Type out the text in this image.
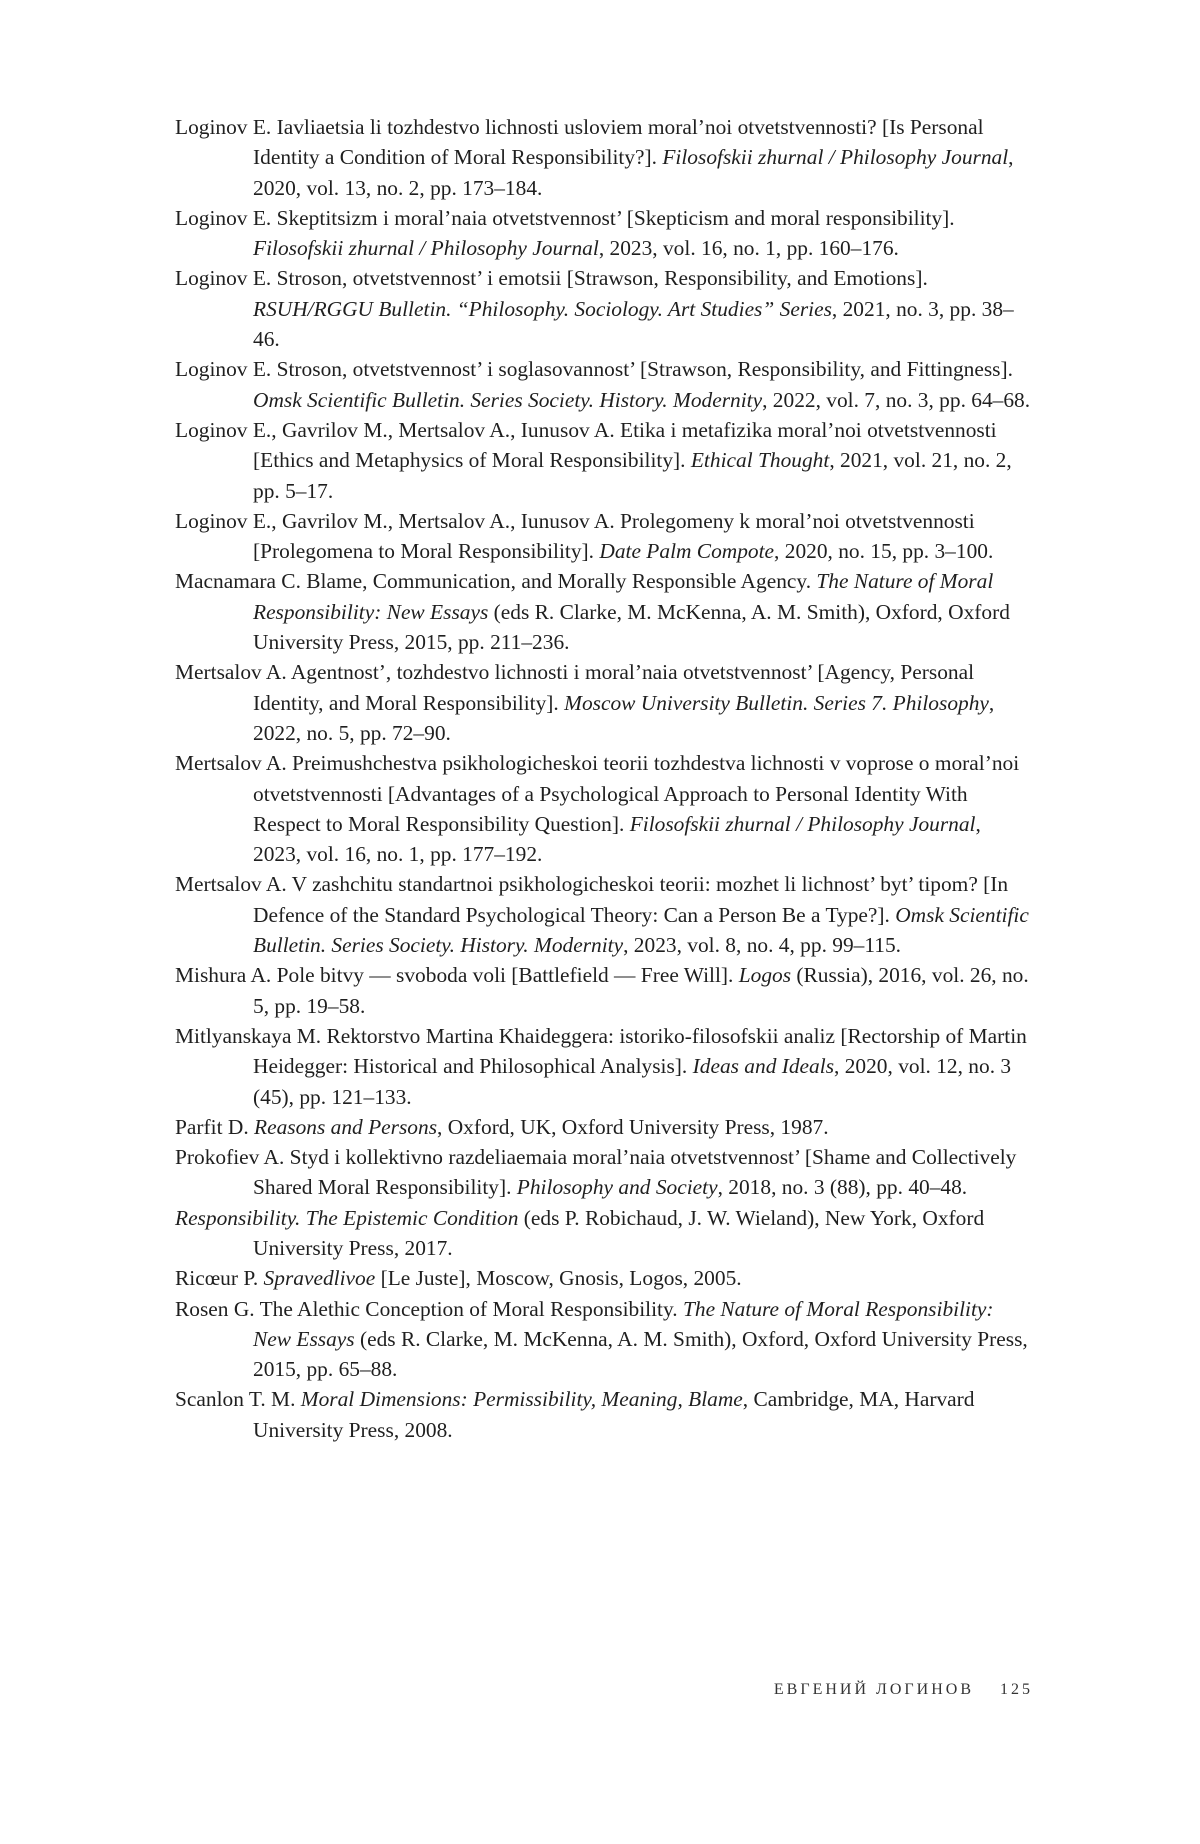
Loginov E. Iavliaetsia li tozhdestvo lichnosti usloviem moral’noi otvetstvennosti? [Is Personal Identity a Condition of Moral Responsibility?]. Filosofskii zhurnal / Philosophy Journal, 2020, vol. 13, no. 2, pp. 173–184.
Loginov E. Skeptitsizm i moral’naia otvetstvennost’ [Skepticism and moral responsibility]. Filosofskii zhurnal / Philosophy Journal, 2023, vol. 16, no. 1, pp. 160–176.
Loginov E. Stroson, otvetstvennost’ i emotsii [Strawson, Responsibility, and Emotions]. RSUH/RGGU Bulletin. “Philosophy. Sociology. Art Studies” Series, 2021, no. 3, pp. 38–46.
Loginov E. Stroson, otvetstvennost’ i soglasovannost’ [Strawson, Responsibility, and Fittingness]. Omsk Scientific Bulletin. Series Society. History. Modernity, 2022, vol. 7, no. 3, pp. 64–68.
Loginov E., Gavrilov M., Mertsalov A., Iunusov A. Etika i metafizika moral’noi otvetstvennosti [Ethics and Metaphysics of Moral Responsibility]. Ethical Thought, 2021, vol. 21, no. 2, pp. 5–17.
Loginov E., Gavrilov M., Mertsalov A., Iunusov A. Prolegomeny k moral’noi otvetstvennosti [Prolegomena to Moral Responsibility]. Date Palm Compote, 2020, no. 15, pp. 3–100.
Macnamara C. Blame, Communication, and Morally Responsible Agency. The Nature of Moral Responsibility: New Essays (eds R. Clarke, M. McKenna, A. M. Smith), Oxford, Oxford University Press, 2015, pp. 211–236.
Mertsalov A. Agentnost’, tozhdestvo lichnosti i moral’naia otvetstvennost’ [Agency, Personal Identity, and Moral Responsibility]. Moscow University Bulletin. Series 7. Philosophy, 2022, no. 5, pp. 72–90.
Mertsalov A. Preimushchestva psikhologicheskoi teorii tozhdestva lichnosti v voprose o moral’noi otvetstvennosti [Advantages of a Psychological Approach to Personal Identity With Respect to Moral Responsibility Question]. Filosofskii zhurnal / Philosophy Journal, 2023, vol. 16, no. 1, pp. 177–192.
Mertsalov A. V zashchitu standartnoi psikhologicheskoi teorii: mozhet li lichnost’ byt’ tipom? [In Defence of the Standard Psychological Theory: Can a Person Be a Type?]. Omsk Scientific Bulletin. Series Society. History. Modernity, 2023, vol. 8, no. 4, pp. 99–115.
Mishura A. Pole bitvy — svoboda voli [Battlefield — Free Will]. Logos (Russia), 2016, vol. 26, no. 5, pp. 19–58.
Mitlyanskaya M. Rektorstvo Martina Khaideggera: istoriko-filosofskii analiz [Rectorship of Martin Heidegger: Historical and Philosophical Analysis]. Ideas and Ideals, 2020, vol. 12, no. 3 (45), pp. 121–133.
Parfit D. Reasons and Persons, Oxford, UK, Oxford University Press, 1987.
Prokofiev A. Styd i kollektivno razdeliaemaia moral’naia otvetstvennost’ [Shame and Collectively Shared Moral Responsibility]. Philosophy and Society, 2018, no. 3 (88), pp. 40–48.
Responsibility. The Epistemic Condition (eds P. Robichaud, J. W. Wieland), New York, Oxford University Press, 2017.
Ricœur P. Spravedlivoe [Le Juste], Moscow, Gnosis, Logos, 2005.
Rosen G. The Alethic Conception of Moral Responsibility. The Nature of Moral Responsibility: New Essays (eds R. Clarke, M. McKenna, A. M. Smith), Oxford, Oxford University Press, 2015, pp. 65–88.
Scanlon T. M. Moral Dimensions: Permissibility, Meaning, Blame, Cambridge, MA, Harvard University Press, 2008.
ЕВГЕНИЙ ЛОГИНОВ 125
